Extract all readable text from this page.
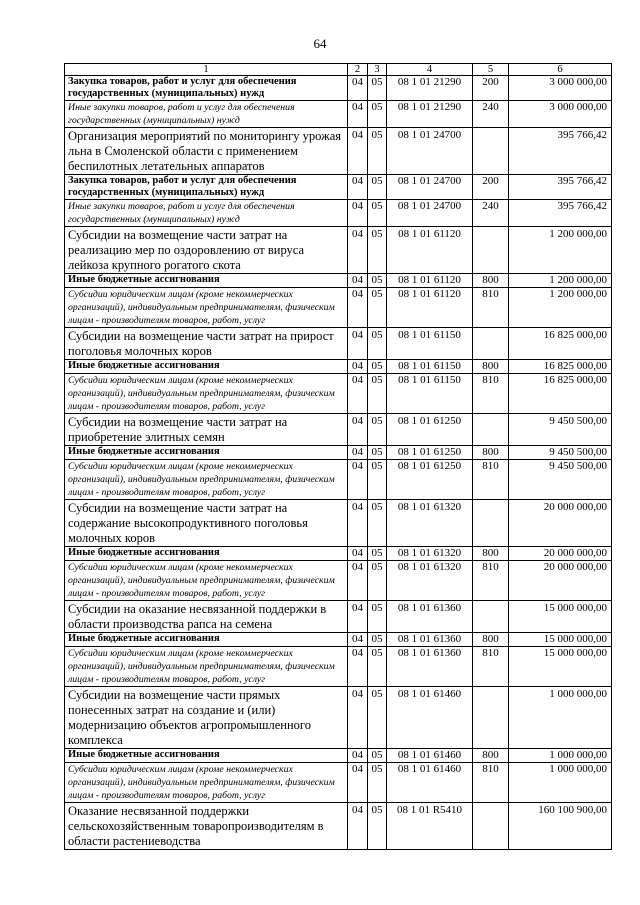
64
1	2	3	4	5	6
Закупка товаров, работ и услуг для обеспечения государственных (муниципальных) нужд	04	05	08 1 01 21290	200	3 000 000,00
Иные закупки товаров, работ и услуг для обеспечения государственных (муниципальных) нужд	04	05	08 1 01 21290	240	3 000 000,00
Организация мероприятий по мониторингу урожая льна в Смоленской области с применением беспилотных летательных аппаратов	04	05	08 1 01 24700		395 766,42
Закупка товаров, работ и услуг для обеспечения государственных (муниципальных) нужд	04	05	08 1 01 24700	200	395 766,42
Иные закупки товаров, работ и услуг для обеспечения государственных (муниципальных) нужд	04	05	08 1 01 24700	240	395 766,42
Субсидии на возмещение части затрат на реализацию мер по оздоровлению от вируса лейкоза крупного рогатого скота	04	05	08 1 01 61120		1 200 000,00
Иные бюджетные ассигнования	04	05	08 1 01 61120	800	1 200 000,00
Субсидии юридическим лицам (кроме некоммерческих организаций), индивидуальным предпринимателям, физическим лицам - производителям товаров, работ, услуг	04	05	08 1 01 61120	810	1 200 000,00
Субсидии на возмещение части затрат на прирост поголовья молочных коров	04	05	08 1 01 61150		16 825 000,00
Иные бюджетные ассигнования	04	05	08 1 01 61150	800	16 825 000,00
Субсидии юридическим лицам (кроме некоммерческих организаций), индивидуальным предпринимателям, физическим лицам - производителям товаров, работ, услуг	04	05	08 1 01 61150	810	16 825 000,00
Субсидии на возмещение части затрат на приобретение элитных семян	04	05	08 1 01 61250		9 450 500,00
Иные бюджетные ассигнования	04	05	08 1 01 61250	800	9 450 500,00
Субсидии юридическим лицам (кроме некоммерческих организаций), индивидуальным предпринимателям, физическим лицам - производителям товаров, работ, услуг	04	05	08 1 01 61250	810	9 450 500,00
Субсидии на возмещение части затрат на содержание высокопродуктивного поголовья молочных коров	04	05	08 1 01 61320		20 000 000,00
Иные бюджетные ассигнования	04	05	08 1 01 61320	800	20 000 000,00
Субсидии юридическим лицам (кроме некоммерческих организаций), индивидуальным предпринимателям, физическим лицам - производителям товаров, работ, услуг	04	05	08 1 01 61320	810	20 000 000,00
Субсидии на оказание несвязанной поддержки в области производства рапса на семена	04	05	08 1 01 61360		15 000 000,00
Иные бюджетные ассигнования	04	05	08 1 01 61360	800	15 000 000,00
Субсидии юридическим лицам (кроме некоммерческих организаций), индивидуальным предпринимателям, физическим лицам - производителям товаров, работ, услуг	04	05	08 1 01 61360	810	15 000 000,00
Субсидии на возмещение части прямых понесенных затрат на создание и (или) модернизацию объектов агропромышленного комплекса	04	05	08 1 01 61460		1 000 000,00
Иные бюджетные ассигнования	04	05	08 1 01 61460	800	1 000 000,00
Субсидии юридическим лицам (кроме некоммерческих организаций), индивидуальным предпринимателям, физическим лицам - производителям товаров, работ, услуг	04	05	08 1 01 61460	810	1 000 000,00
Оказание несвязанной поддержки сельскохозяйственным товаропроизводителям в области растениеводства	04	05	08 1 01 R5410		160 100 900,00
